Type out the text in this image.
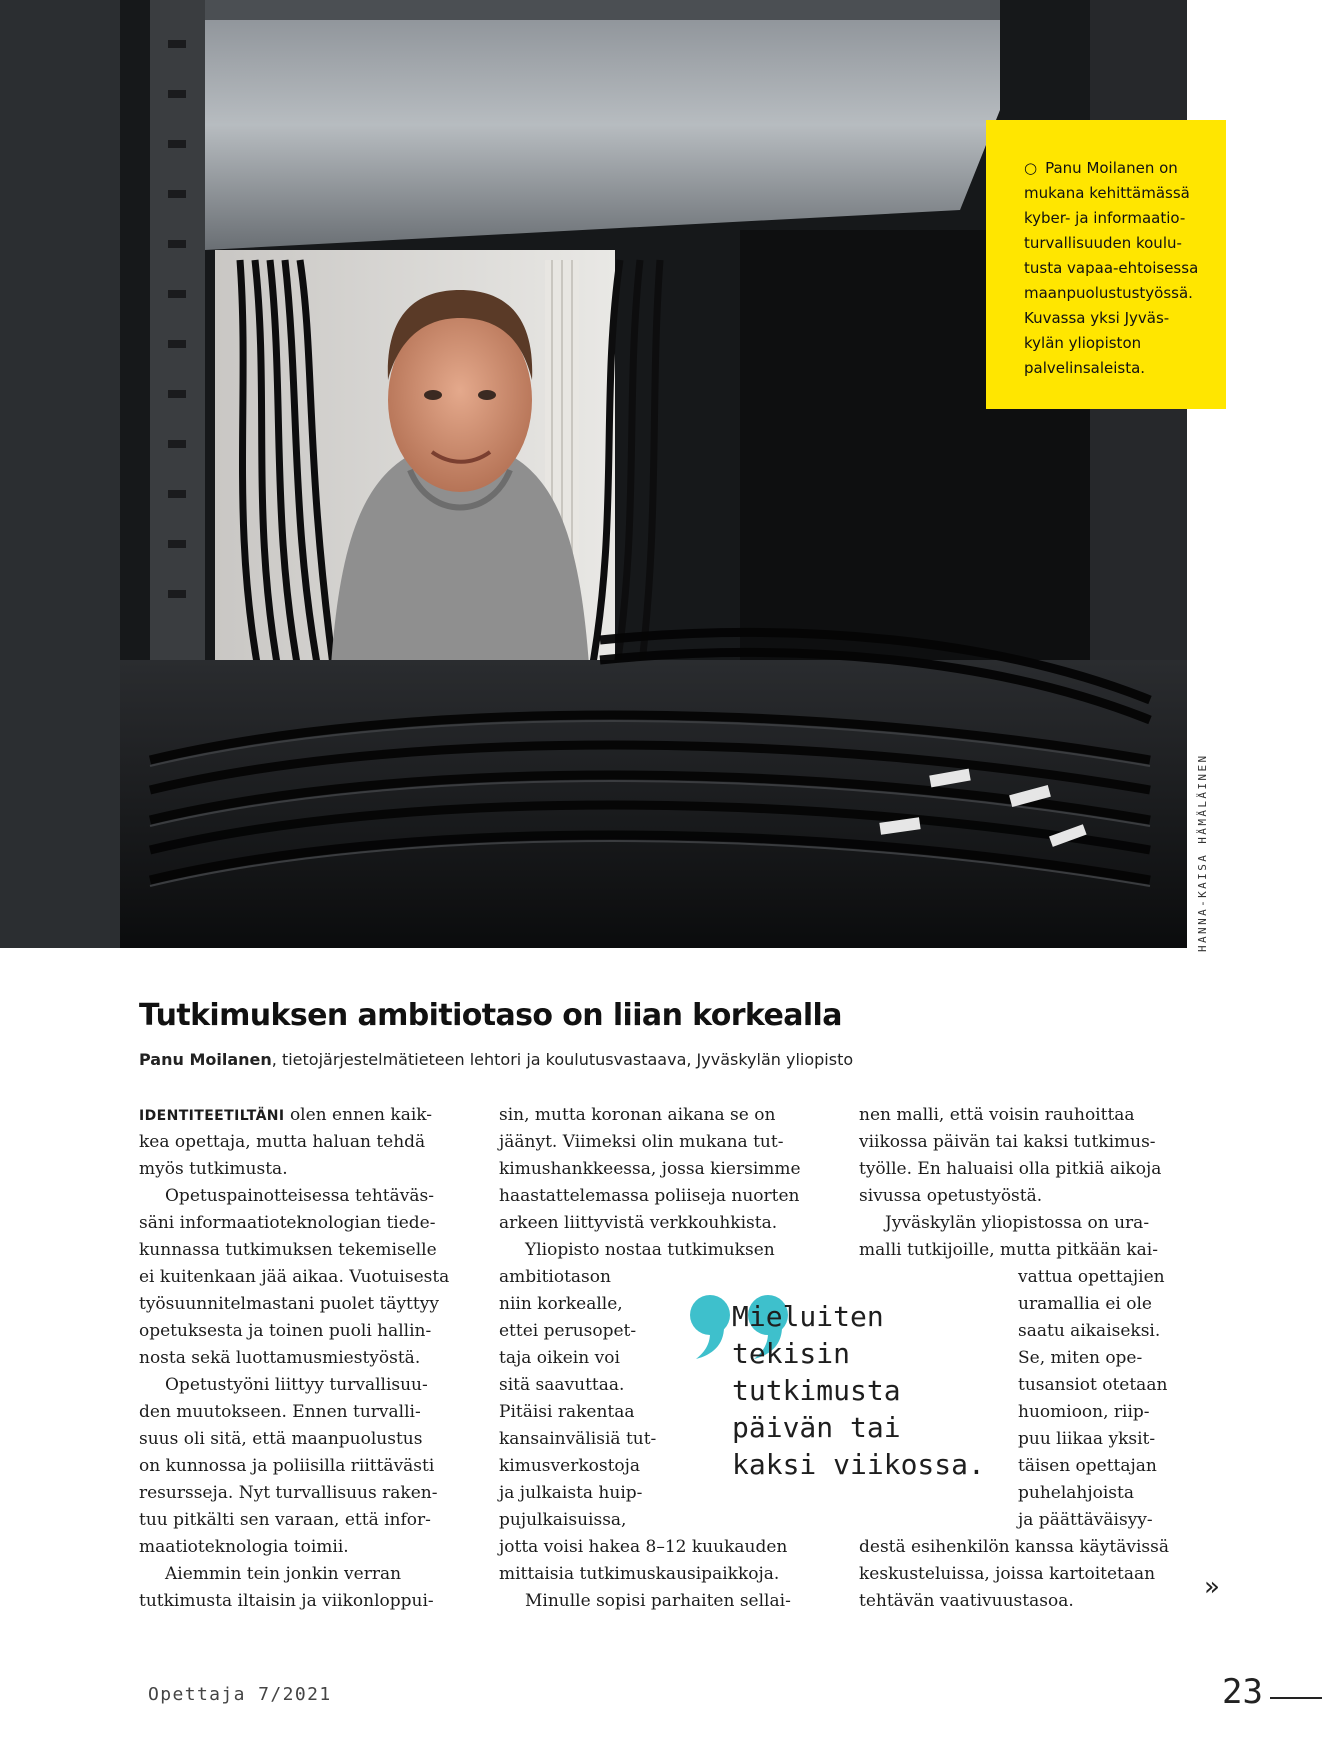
○ Panu Moilanen on
mukana kehittämässä
kyber- ja informaatio-
turvallisuuden koulu-
tusta vapaa-ehtoisessa
maanpuolustustyössä.
Kuvassa yksi Jyväs-
kylän yliopiston
palvelinsaleista.
HANNA-KAISA HÄMÄLÄINEN
Tutkimuksen ambitiotaso on liian korkealla

Panu Moilanen, tietojärjestelmätieteen lehtori ja koulutusvastaava, Jyväskylän yliopisto

IDENTITEETILTÄNI olen ennen kaik-
kea opettaja, mutta haluan tehdä
myös tutkimusta.
Opetuspainotteisessa tehtäväs-
säni informaatioteknologian tiede-
kunnassa tutkimuksen tekemiselle
ei kuitenkaan jää aikaa. Vuotuisesta
työsuunnitelmastani puolet täyttyy
opetuksesta ja toinen puoli hallin-
nosta sekä luottamusmiestyöstä.
Opetustyöni liittyy turvallisuu-
den muutokseen. Ennen turvalli-
suus oli sitä, että maanpuolustus
on kunnossa ja poliisilla riittävästi
resursseja. Nyt turvallisuus raken-
tuu pitkälti sen varaan, että infor-
maatioteknologia toimii.
Aiemmin tein jonkin verran
tutkimusta iltaisin ja viikonloppui-
sin, mutta koronan aikana se on
jäänyt. Viimeksi olin mukana tut-
kimushankkeessa, jossa kiersimme
haastattelemassa poliiseja nuorten
arkeen liittyvistä verkkouhkista.
Yliopisto nostaa tutkimuksen
ambitiotason
niin korkealle,
ettei perusopet-
taja oikein voi
sitä saavuttaa.
Pitäisi rakentaa
kansainvälisiä tut-
kimusverkostoja
ja julkaista huip-
pujulkaisuissa,
jotta voisi hakea 8–12 kuukauden
mittaisia tutkimuskausipaikkoja.
Minulle sopisi parhaiten sellai-
nen malli, että voisin rauhoittaa
viikossa päivän tai kaksi tutkimus-
työlle. En haluaisi olla pitkiä aikoja
sivussa opetustyöstä.
Jyväskylän yliopistossa on ura-
malli tutkijoille, mutta pitkään kai-
vattua opettajien
uramallia ei ole
saatu aikaiseksi.
Se, miten ope-
tusansiot otetaan
huomioon, riip-
puu liikaa yksit-
täisen opettajan
puhelahjoista
ja päättäväisyy-
destä esihenkilön kanssa käytävissä
keskusteluissa, joissa kartoitetaan
tehtävän vaativuustasoa.
Mieluiten
tekisin
tutkimusta
päivän tai
kaksi viikossa.
»
Opettaja 7/2021	23
